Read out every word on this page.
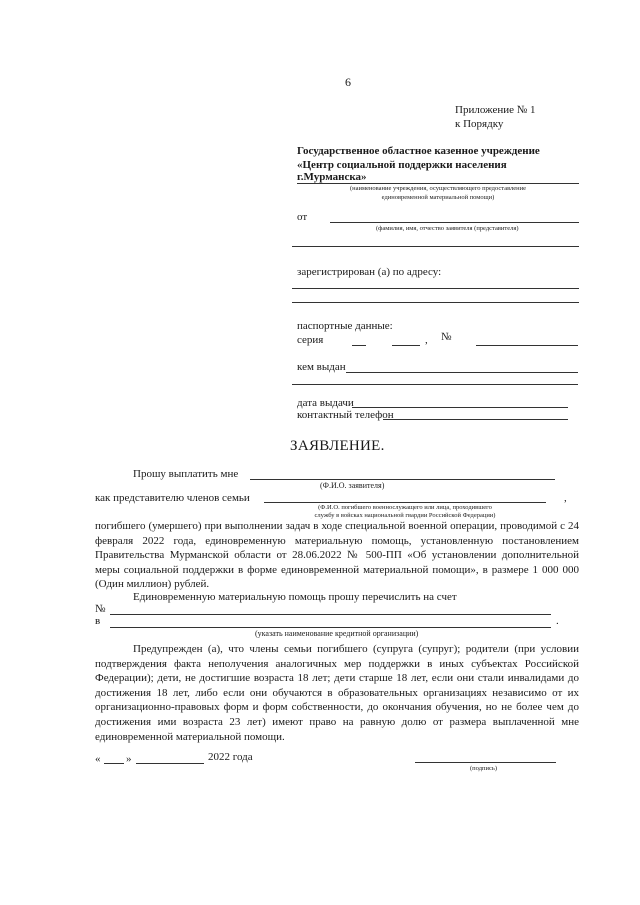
6
Приложение № 1
к Порядку
Государственное областное казенное учреждение
«Центр социальной поддержки населения
г.Мурманска»
(наименование учреждения, осуществляющего предоставление
единовременной материальной помощи)
от
(фамилия, имя, отчество заявителя (представителя)
зарегистрирован (а) по адресу:
паспортные данные:
серия	, №
кем выдан
дата выдачи
контактный телефон
ЗАЯВЛЕНИЕ.
Прошу выплатить мне
(Ф.И.О. заявителя)
как представителю членов семьи	,
(Ф.И.О. погибшего военнослужащего или лица, проходившего
службу в войсках национальной гвардии Российской Федерации)
погибшего (умершего) при выполнении задач в ходе специальной военной операции, проводимой с 24 февраля 2022 года, единовременную материальную помощь, установленную постановлением Правительства Мурманской области от 28.06.2022 № 500-ПП «Об установлении дополнительной меры социальной поддержки в форме единовременной материальной помощи», в размере 1 000 000 (Один миллион) рублей.
Единовременную материальную помощь прошу перечислить на счет
№
в	.
(указать наименование кредитной организации)
Предупрежден (а), что члены семьи погибшего (супруга (супруг); родители (при условии подтверждения факта неполучения аналогичных мер поддержки в иных субъектах Российской Федерации); дети, не достигшие возраста 18 лет; дети старше 18 лет, если они стали инвалидами до достижения 18 лет, либо если они обучаются в образовательных организациях независимо от их организационно-правовых форм и форм собственности, до окончания обучения, но не более чем до достижения ими возраста 23 лет) имеют право на равную долю от размера выплаченной мне единовременной материальной помощи.
« »	2022 года
(подпись)
